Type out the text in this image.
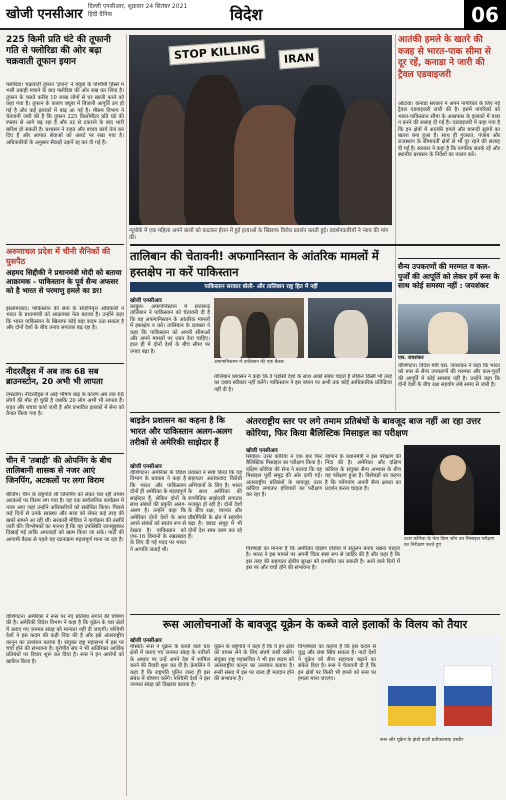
खोजी एनसीआर
दिल्ली एनसीआर, शुक्रवार 24 सितंबर 2021
हिंदी दैनिक	विदेश	06
225 किमी प्रति घंटे की तूफानी गति से फ्लोरिडा की ओर बढ़ा चक्रवाती तूफान इयान
फ्लोरिडा। चक्रवाती तूफान 'इयान' ने क्यूबा के पश्चिमी हिस्से में भारी तबाही मचाने के बाद फ्लोरिडा की ओर रुख कर लिया है। तूफान के चलते करीब 10 लाख लोगों से घर खाली करने को कहा गया है। तूफान के कारण क्यूबा में बिजली आपूर्ति ठप हो गई है और कई इलाकों में बाढ़ आ गई है। मौसम विभाग ने चेतावनी जारी की है कि तूफान 225 किलोमीटर प्रति घंटे की रफ्तार से आगे बढ़ रहा है और तट से टकराने के बाद भारी बारिश हो सकती है। प्रशासन ने राहत और बचाव कार्य तेज कर दिए हैं और आपात सेवाओं को अलर्ट पर रखा गया है। अधिकारियों के अनुसार सैकड़ों उड़ानें रद्द कर दी गई हैं।
अरुणाचल प्रदेश में चीनी सैनिकों की घुसपैठ
अहमद सिद्दीकी ने प्रधानमंत्री मोदी को बताया आक्रामक - पाकिस्तान के पूर्व सैन्य अफसर को है भारत से परमाणु हमले का डर!
इस्लामाबाद। पाकिस्तान की सेना के सेवानिवृत्त अधिकारी ने भारत के प्रधानमंत्री को आक्रामक नेता बताया है। उन्होंने कहा कि भारत पाकिस्तान के खिलाफ कोई बड़ा कदम उठा सकता है और दोनों देशों के बीच तनाव लगातार बढ़ रहा है।
नीदरलैंड्स में अब तक 68 सब ब्राउनस्टोन, 20 अभी भी लापता
एम्स्टर्डम। नीदरलैंड्स में आई भीषण बाढ़ के कारण अब तक 68 लोगों की मौत हो चुकी है जबकि 20 लोग अभी भी लापता हैं। राहत और बचाव कार्य जारी है और प्रभावित इलाकों में सेना को तैनात किया गया है।
चीन में 'तबाही' की ओपनिंग के बीच तालिबानी शासक से नजर आएं जिनपिंग, अटकलों पर लगा विराम
बीजिंग। चीन के राष्ट्रपति शी जिनपिंग को लेकर चल रही तमाम अटकलों पर विराम लग गया है। वह एक सार्वजनिक कार्यक्रम में नजर आए जहां उन्होंने अधिकारियों को संबोधित किया। पिछले कई दिनों से उनके स्वास्थ्य और सत्ता को लेकर कई तरह की खबरें सामने आ रही थीं। सरकारी मीडिया ने कार्यक्रम की तस्वीरें जारी कीं। विश्लेषकों का मानना है कि यह उपस्थिति जानबूझकर दिखाई गई ताकि अफवाहों को खत्म किया जा सके। पार्टी की आगामी बैठक से पहले यह घटनाक्रम महत्वपूर्ण माना जा रहा है।
वॉशिंगटन। अमेरिका ने रूस पर नए प्रतिबंध लगाने की घोषणा की है। अमेरिकी विदेश विभाग ने कहा है कि यूक्रेन के चार क्षेत्रों में कराए गए जनमत संग्रह को मान्यता नहीं दी जाएगी। पश्चिमी देशों ने इस कदम की कड़ी निंदा की है और इसे अंतरराष्ट्रीय कानून का उल्लंघन बताया है। संयुक्त राष्ट्र महासभा में इस पर चर्चा होने की संभावना है। यूरोपीय संघ ने भी अतिरिक्त आर्थिक प्रतिबंधों पर विचार शुरू कर दिया है। रूस ने इन आरोपों को खारिज किया है।
STOP KILLING	IRAN
न्यूयॉर्क में एक महिला अपने बालों को काटकर ईरान में हुई हत्याओं के खिलाफ विरोध प्रदर्शन करती हुई। प्रदर्शनकारियों ने न्याय की मांग की।
आतंकी हमले के खतरे की वजह से भारत-पाक सीमा से दूर रहें, कनाडा ने जारी की ट्रैवल एडवाइजरी
ओटावा। कनाडा सरकार ने अपने नागरिकों के लिए नई ट्रैवल एडवाइजरी जारी की है। इसमें नागरिकों को भारत-पाकिस्तान सीमा के आसपास के इलाकों में यात्रा न करने की सलाह दी गई है। एडवाइजरी में कहा गया है कि इन क्षेत्रों में आतंकी हमले और बारूदी सुरंगों का खतरा बना हुआ है। साथ ही गुजरात, पंजाब और राजस्थान के सीमावर्ती क्षेत्रों से भी दूर रहने की सलाह दी गई है। सरकार ने कहा है कि नागरिक सतर्क रहें और स्थानीय प्रशासन के निर्देशों का पालन करें।
तालिबान की चेतावनी! अफगानिस्तान के आंतरिक मामलों में हस्तक्षेप ना करें पाकिस्तान
पाकिस्तान सरकार बोली- और तालिबान राष्ट्र हित में नहीं
खोजी एनसीआर
काबुल। अफगानिस्तान में सत्तारूढ़ तालिबान ने पाकिस्तान को चेतावनी दी है कि वह अफगानिस्तान के आंतरिक मामलों में हस्तक्षेप न करे। तालिबान के प्रवक्ता ने कहा कि पाकिस्तान को अपनी सीमाओं और अपने मामलों पर ध्यान देना चाहिए। हाल ही में दोनों देशों के बीच सीमा पर तनाव बढ़ा है।
अफगानिस्तान में तालिबान की एक बैठक
तालिबान प्रशासन ने कहा कि वे पड़ोसी देशों के साथ अच्छे संबंध चाहते हैं लेकिन किसी भी तरह का दबाव स्वीकार नहीं करेंगे। पाकिस्तान ने इस बयान पर अभी तक कोई आधिकारिक प्रतिक्रिया नहीं दी है।
सैन्य उपकरणों की मरम्मत व कल-पुर्जों की आपूर्ति को लेकर हमें रूस के साथ कोई समस्या नहीं : जयशंकर
एस. जयशंकर
वॉशिंगटन। विदेश मंत्री एस. जयशंकर ने कहा कि भारत को रूस से सैन्य उपकरणों की मरम्मत और कल-पुर्जों की आपूर्ति में कोई समस्या नहीं है। उन्होंने कहा कि दोनों देशों के बीच रक्षा सहयोग लंबे समय से जारी है।
बाइडेन प्रशासन का कहना है कि भारत और पाकिस्तान अलग-अलग तरीकों से अमेरिकी साझेदार हैं
खोजी एनसीआर
वॉशिंगटन। अमेरिका के विदेश विभाग के प्रवक्ता ने कहा है कि भारत और पाकिस्तान दोनों ही अमेरिका के महत्वपूर्ण साझेदार हैं, लेकिन दोनों के साथ संबंधों की प्रकृति अलग-अलग है। उन्होंने कहा कि अमेरिका दोनों देशों के साथ अपने संबंधों को स्वतंत्र रूप से देखता है। पाकिस्तान को एफ-16 विमानों के रखरखाव के लिए दी गई मदद पर भारत ने आपत्ति जताई थी।
प्रवक्ता ने स्पष्ट किया कि यह सहायता आतंकवाद विरोधी अभियानों के लिए है। भारत के साथ अमेरिका की रणनीतिक साझेदारी लगातार मजबूत हो रही है। दोनों देशों के बीच रक्षा, व्यापार और प्रौद्योगिकी के क्षेत्र में सहयोग बढ़ा है। क्वाड समूह में भी दोनों देश साथ काम कर रहे हैं।
अंतरराष्ट्रीय स्तर पर लगे तमाम प्रतिबंधों के बावजूद बाज नहीं आ रहा उत्तर कोरिया, फिर किया बैलिस्टिक मिसाइल का परीक्षण
खोजी एनसीआर
सियोल। उत्तर कोरिया ने एक बार फिर बैलिस्टिक मिसाइल का परीक्षण किया है। दक्षिण कोरिया की सेना ने बताया कि यह मिसाइल पूर्वी समुद्र की ओर दागी गई। अंतरराष्ट्रीय प्रतिबंधों के बावजूद उत्तर कोरिया लगातार हथियारों का परीक्षण कर रहा है।
जापान के प्रधानमंत्री ने इस परीक्षण की निंदा की है। अमेरिका और दक्षिण कोरिया के संयुक्त सैन्य अभ्यास के बीच यह परीक्षण हुआ है। विशेषज्ञों का कहना है कि प्योंगयांग अपनी सैन्य क्षमता का प्रदर्शन करना चाहता है।
उत्तर कोरिया के नेता किम जोंग उन मिसाइल परीक्षण का निरीक्षण करते हुए
विशेषज्ञों का मानना है कि अमेरिका दक्षिण एशिया में संतुलन बनाए रखना चाहता है। भारत ने इस मामले पर अपनी चिंता स्पष्ट रूप से जाहिर की है और कहा है कि इस तरह की सहायता क्षेत्रीय सुरक्षा को प्रभावित कर सकती है। आने वाले दिनों में इस पर और चर्चा होने की संभावना है।
रूस आलोचनाओं के बावजूद यूक्रेन के कब्जे वाले इलाकों के विलय को तैयार
खोजी एनसीआर
मॉस्को। रूस ने यूक्रेन के कब्जे वाले चार क्षेत्रों में कराए गए जनमत संग्रह के नतीजों के आधार पर उन्हें अपने देश में शामिल करने की तैयारी शुरू कर दी है। क्रेमलिन ने कहा है कि राष्ट्रपति पुतिन जल्द ही इस संबंध में घोषणा करेंगे। पश्चिमी देशों ने इस जनमत संग्रह को दिखावा बताया है।
यूक्रेन के राष्ट्रपति ने कहा है कि वे इन क्षेत्रों को वापस लेने के लिए संघर्ष जारी रखेंगे। संयुक्त राष्ट्र महासचिव ने भी इस कदम को अंतरराष्ट्रीय कानून का उल्लंघन बताया है। रूसी संसद में इस पर जल्द ही मतदान होने की संभावना है।
विश्लेषकों का कहना है कि इस कदम से युद्ध और लंबा खिंच सकता है। नाटो देशों ने यूक्रेन को सैन्य सहायता बढ़ाने का संकेत दिया है। रूस ने चेतावनी दी है कि इन क्षेत्रों पर किसी भी हमले को रूस पर हमला माना जाएगा।
रूस और यूक्रेन के झंडों वाली प्रतीकात्मक तस्वीर
